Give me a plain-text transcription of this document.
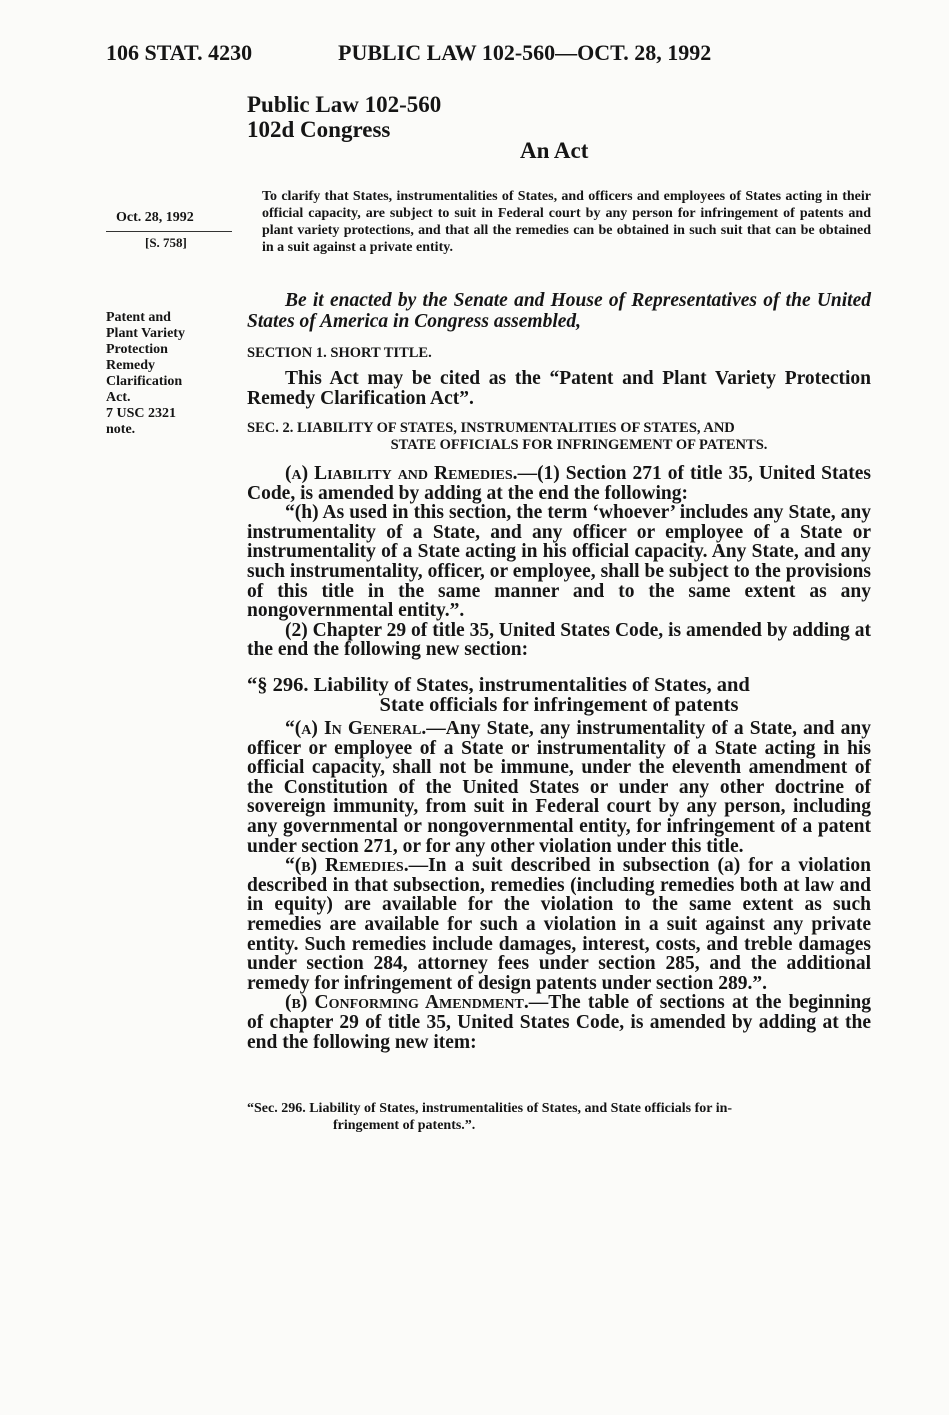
106 STAT. 4230	PUBLIC LAW 102-560—OCT. 28, 1992
Public Law 102-560
102d Congress
An Act
Oct. 28, 1992
[S. 758]
Patent and
Plant Variety
Protection
Remedy
Clarification
Act.
7 USC 2321
note.

To clarify that States, instrumentalities of States, and officers and employees of States acting in their official capacity, are subject to suit in Federal court by any person for infringement of patents and plant variety protections, and that all the remedies can be obtained in such suit that can be obtained in a suit against a private entity.

Be it enacted by the Senate and House of Representatives of the United States of America in Congress assembled,

SECTION 1. SHORT TITLE.

This Act may be cited as the “Patent and Plant Variety Protection Remedy Clarification Act”.

SEC. 2. LIABILITY OF STATES, INSTRUMENTALITIES OF STATES, AND
STATE OFFICIALS FOR INFRINGEMENT OF PATENTS.

(a) Liability and Remedies.—(1) Section 271 of title 35, United States Code, is amended by adding at the end the following:

“(h) As used in this section, the term ‘whoever’ includes any State, any instrumentality of a State, and any officer or employee of a State or instrumentality of a State acting in his official capacity. Any State, and any such instrumentality, officer, or employee, shall be subject to the provisions of this title in the same manner and to the same extent as any nongovernmental entity.”.

(2) Chapter 29 of title 35, United States Code, is amended by adding at the end the following new section:

“§ 296. Liability of States, instrumentalities of States, and
State officials for infringement of patents

“(a) In General.—Any State, any instrumentality of a State, and any officer or employee of a State or instrumentality of a State acting in his official capacity, shall not be immune, under the eleventh amendment of the Constitution of the United States or under any other doctrine of sovereign immunity, from suit in Federal court by any person, including any governmental or nongovernmental entity, for infringement of a patent under section 271, or for any other violation under this title.

“(b) Remedies.—In a suit described in subsection (a) for a violation described in that subsection, remedies (including remedies both at law and in equity) are available for the violation to the same extent as such remedies are available for such a violation in a suit against any private entity. Such remedies include damages, interest, costs, and treble damages under section 284, attorney fees under section 285, and the additional remedy for infringement of design patents under section 289.”.

(b) Conforming Amendment.—The table of sections at the beginning of chapter 29 of title 35, United States Code, is amended by adding at the end the following new item:

“Sec. 296. Liability of States, instrumentalities of States, and State officials for in-
fringement of patents.”.
